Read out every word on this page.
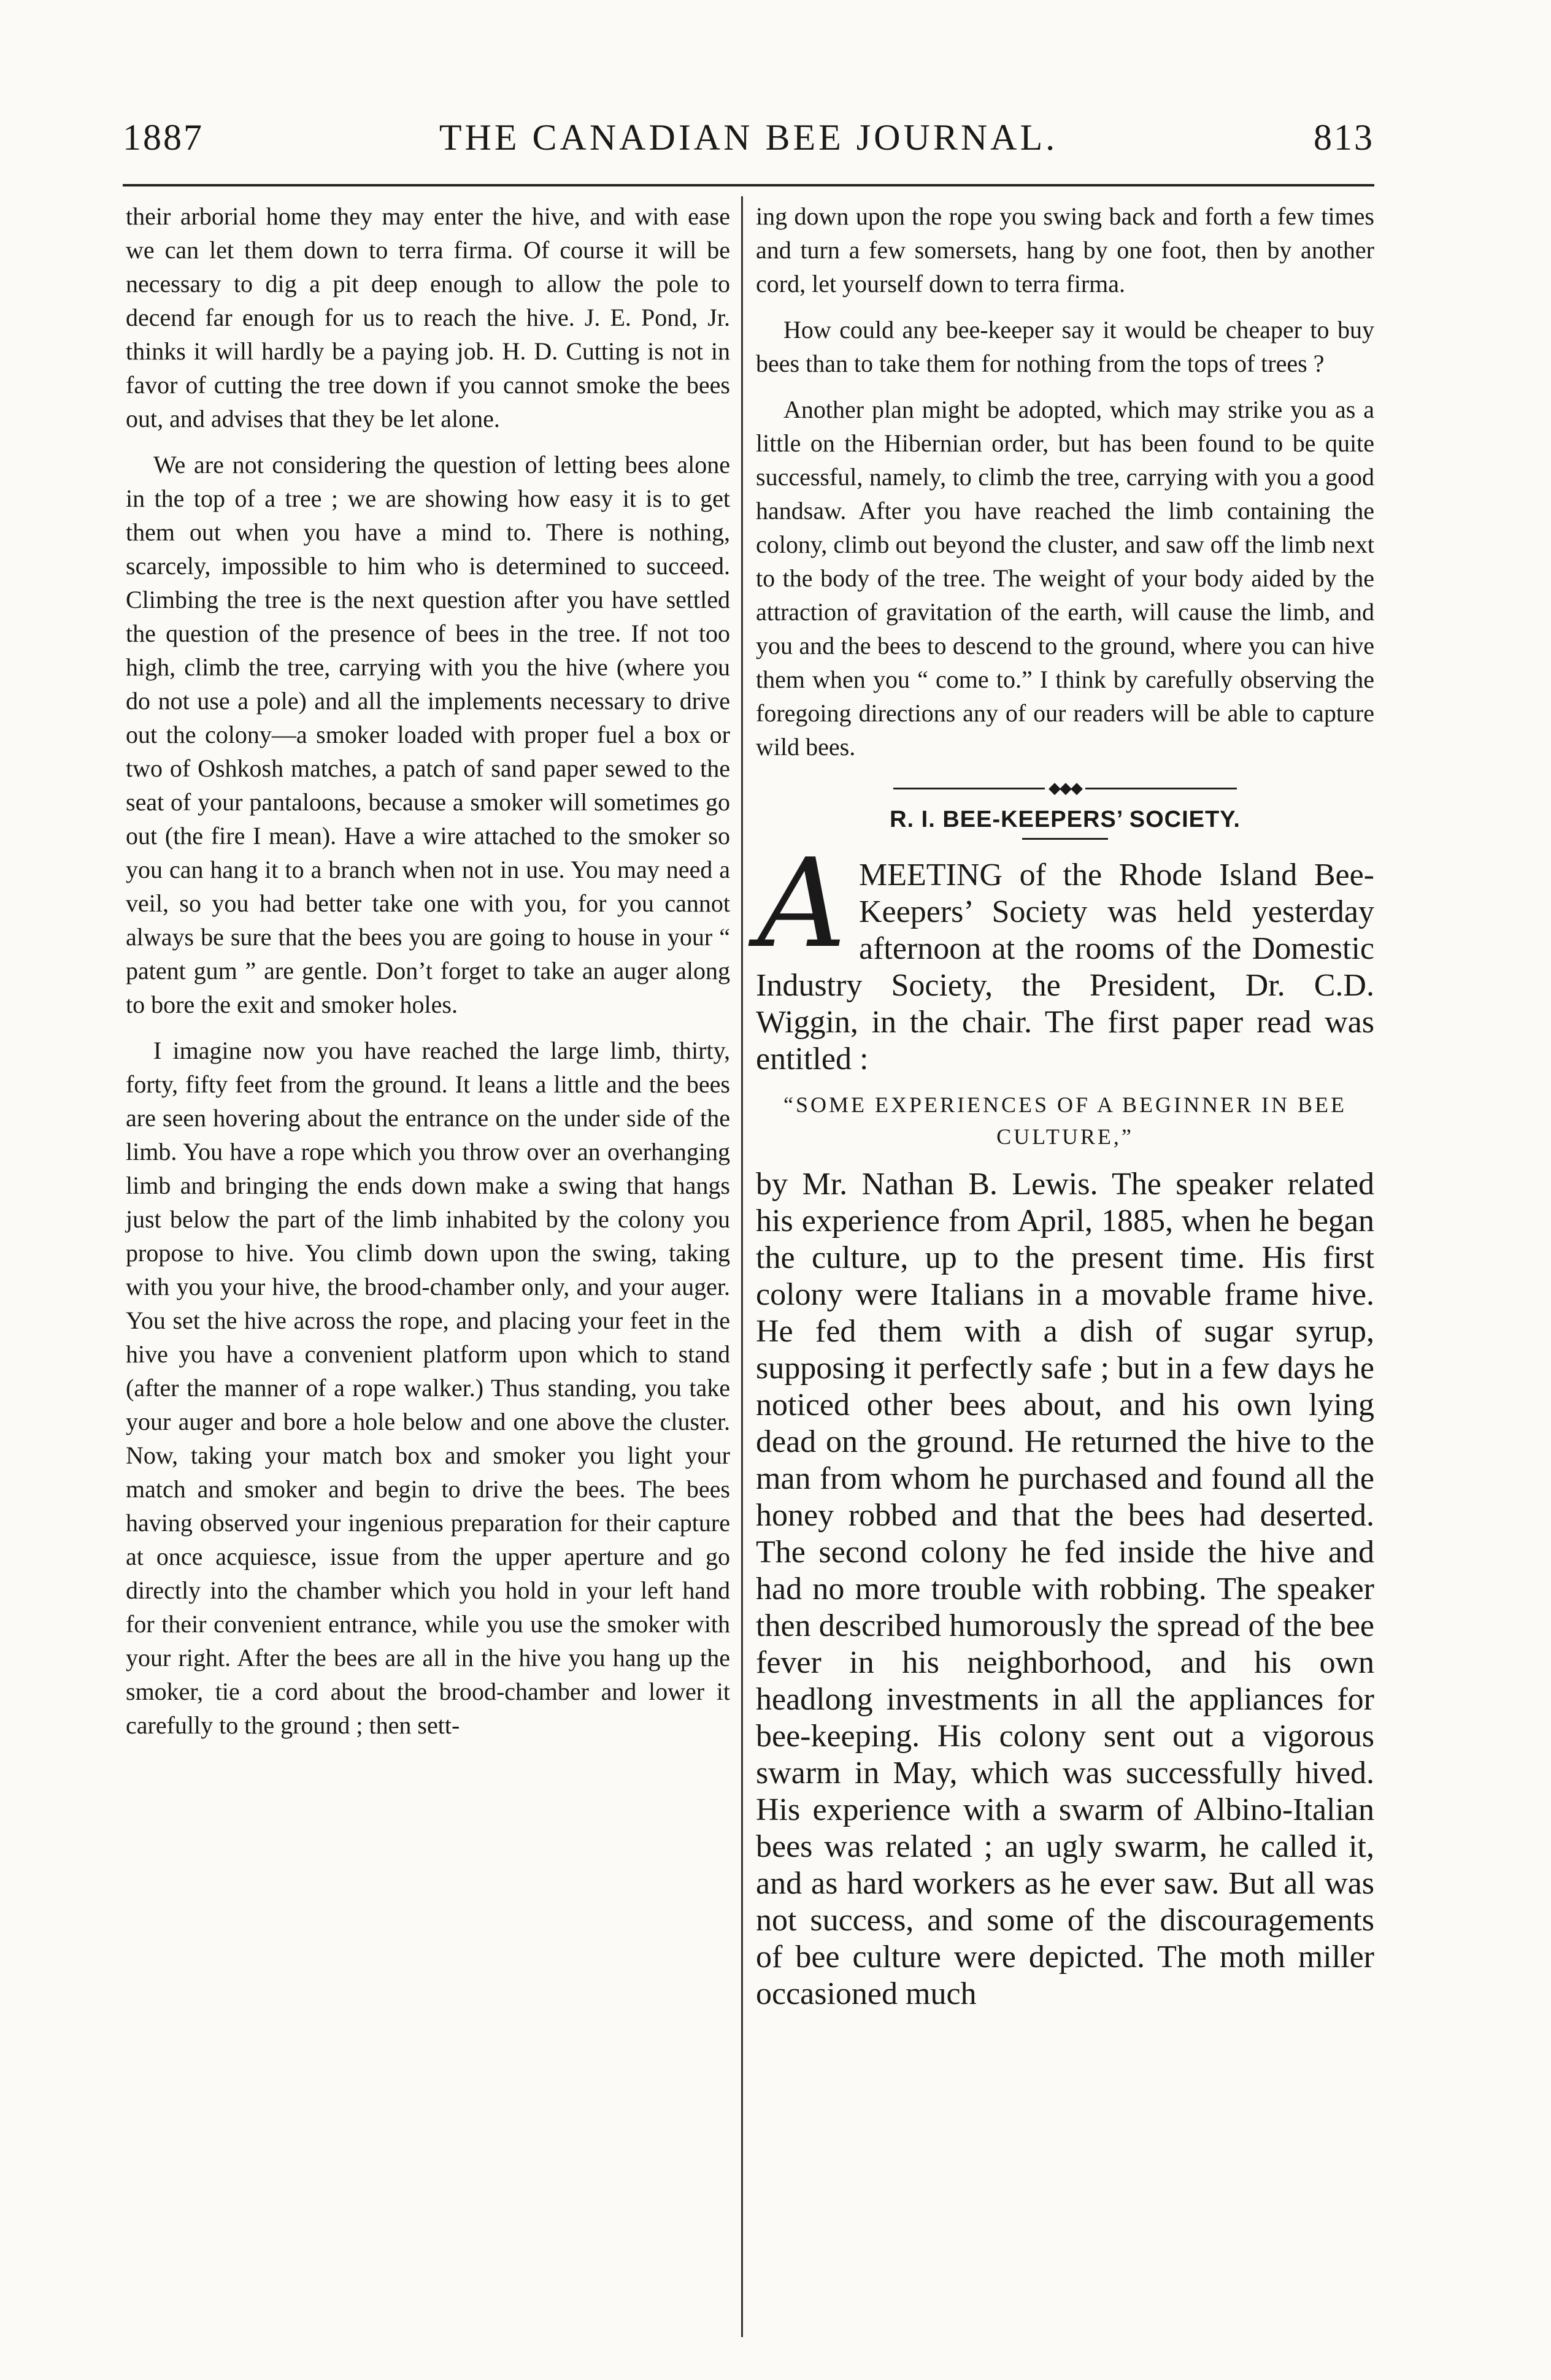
1887	THE CANADIAN BEE JOURNAL.	813

their arborial home they may enter the hive, and with ease we can let them down to terra firma. Of course it will be necessary to dig a pit deep enough to allow the pole to decend far enough for us to reach the hive. J. E. Pond, Jr. thinks it will hardly be a paying job. H. D. Cutting is not in favor of cutting the tree down if you cannot smoke the bees out, and advises that they be let alone.

We are not considering the question of letting bees alone in the top of a tree ; we are showing how easy it is to get them out when you have a mind to. There is nothing, scarcely, impossible to him who is determined to succeed. Climbing the tree is the next question after you have settled the question of the presence of bees in the tree. If not too high, climb the tree, carrying with you the hive (where you do not use a pole) and all the implements necessary to drive out the colony—a smoker loaded with proper fuel a box or two of Oshkosh matches, a patch of sand paper sewed to the seat of your pantaloons, because a smoker will sometimes go out (the fire I mean). Have a wire attached to the smoker so you can hang it to a branch when not in use. You may need a veil, so you had better take one with you, for you cannot always be sure that the bees you are going to house in your “ patent gum ” are gentle. Don’t forget to take an auger along to bore the exit and smoker holes.

I imagine now you have reached the large limb, thirty, forty, fifty feet from the ground. It leans a little and the bees are seen hovering about the entrance on the under side of the limb. You have a rope which you throw over an overhanging limb and bringing the ends down make a swing that hangs just below the part of the limb inhabited by the colony you propose to hive. You climb down upon the swing, taking with you your hive, the brood-chamber only, and your auger. You set the hive across the rope, and placing your feet in the hive you have a convenient platform upon which to stand (after the manner of a rope walker.) Thus standing, you take your auger and bore a hole below and one above the cluster. Now, taking your match box and smoker you light your match and smoker and begin to drive the bees. The bees having observed your ingenious preparation for their capture at once acquiesce, issue from the upper aperture and go directly into the chamber which you hold in your left hand for their convenient entrance, while you use the smoker with your right. After the bees are all in the hive you hang up the smoker, tie a cord about the brood-chamber and lower it carefully to the ground ; then sett-

ing down upon the rope you swing back and forth a few times and turn a few somersets, hang by one foot, then by another cord, let yourself down to terra firma.

How could any bee-keeper say it would be cheaper to buy bees than to take them for nothing from the tops of trees ?

Another plan might be adopted, which may strike you as a little on the Hibernian order, but has been found to be quite successful, namely, to climb the tree, carrying with you a good handsaw. After you have reached the limb containing the colony, climb out beyond the cluster, and saw off the limb next to the body of the tree. The weight of your body aided by the attraction of gravitation of the earth, will cause the limb, and you and the bees to descend to the ground, where you can hive them when you “ come to.” I think by carefully observing the foregoing directions any of our readers will be able to capture wild bees.

◆◆◆
R. I. BEE-KEEPERS’ SOCIETY.
A MEETING of the Rhode Island Bee-Keepers’ Society was held yesterday afternoon at the rooms of the Domestic Industry Society, the President, Dr. C.D. Wiggin, in the chair. The first paper read was entitled :
“SOME EXPERIENCES OF A BEGINNER IN BEE CULTURE,”

by Mr. Nathan B. Lewis. The speaker related his experience from April, 1885, when he began the culture, up to the present time. His first colony were Italians in a movable frame hive. He fed them with a dish of sugar syrup, supposing it perfectly safe ; but in a few days he noticed other bees about, and his own lying dead on the ground. He returned the hive to the man from whom he purchased and found all the honey robbed and that the bees had deserted. The second colony he fed inside the hive and had no more trouble with robbing. The speaker then described humorously the spread of the bee fever in his neighborhood, and his own headlong investments in all the appliances for bee-keeping. His colony sent out a vigorous swarm in May, which was successfully hived. His experience with a swarm of Albino-Italian bees was related ; an ugly swarm, he called it, and as hard workers as he ever saw. But all was not success, and some of the discouragements of bee culture were depicted. The moth miller occasioned much
